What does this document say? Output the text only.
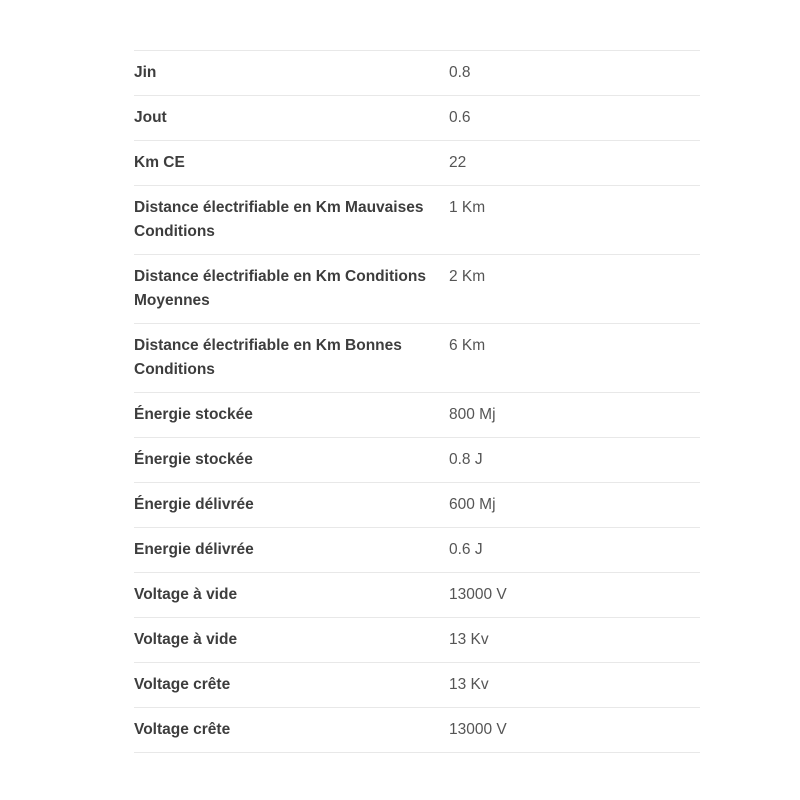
Jin	0.8
Jout	0.6
Km CE	22
Distance électrifiable en Km Mauvaises Conditions	1 Km
Distance électrifiable en Km Conditions Moyennes	2 Km
Distance électrifiable en Km Bonnes Conditions	6 Km
Énergie stockée	800 Mj
Énergie stockée	0.8 J
Énergie délivrée	600 Mj
Energie délivrée	0.6 J
Voltage à vide	13000 V
Voltage à vide	13 Kv
Voltage crête	13 Kv
Voltage crête	13000 V
